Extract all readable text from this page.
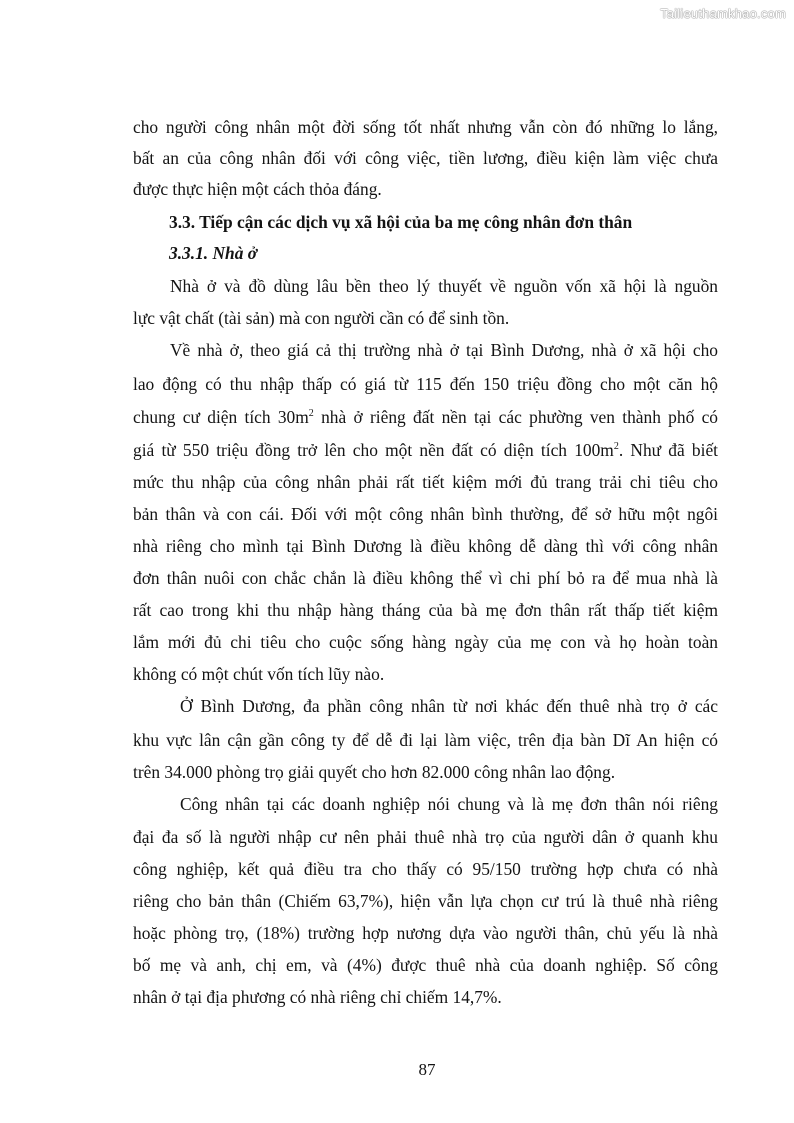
Tailieuthamkhao.com
cho người công nhân một đời sống tốt nhất nhưng vẫn còn đó những lo lắng,
bất an của công nhân đối với công việc, tiền lương, điều kiện làm việc chưa
được thực hiện một cách thỏa đáng.
3.3. Tiếp cận các dịch vụ xã hội của ba mẹ công nhân đơn thân
3.3.1. Nhà ở
Nhà ở và đồ dùng lâu bền theo lý thuyết về nguồn vốn xã hội là nguồn
lực vật chất (tài sản) mà con người cần có để sinh tồn.
Về nhà ở, theo giá cả thị trường nhà ở tại Bình Dương, nhà ở xã hội cho
lao động có thu nhập thấp có giá từ 115 đến 150 triệu đồng cho một căn hộ
chung cư diện tích $30m^2$ nhà ở riêng đất nền tại các phường ven thành phố có
giá từ 550 triệu đồng trở lên cho một nền đất có diện tích $100m^2$. Như đã biết
mức thu nhập của công nhân phải rất tiết kiệm mới đủ trang trải chi tiêu cho
bản thân và con cái. Đối với một công nhân bình thường, để sở hữu một ngôi
nhà riêng cho mình tại Bình Dương là điều không dễ dàng thì với công nhân
đơn thân nuôi con chắc chắn là điều không thể vì chi phí bỏ ra để mua nhà là
rất cao trong khi thu nhập hàng tháng của bà mẹ đơn thân rất thấp tiết kiệm
lắm mới đủ chi tiêu cho cuộc sống hàng ngày của mẹ con và họ hoàn toàn
không có một chút vốn tích lũy nào.
Ở Bình Dương, đa phần công nhân từ nơi khác đến thuê nhà trọ ở các
khu vực lân cận gần công ty để dễ đi lại làm việc, trên địa bàn Dĩ An hiện có
trên 34.000 phòng trọ giải quyết cho hơn 82.000 công nhân lao động.
Công nhân tại các doanh nghiệp nói chung và là mẹ đơn thân nói riêng
đại đa số là người nhập cư nên phải thuê nhà trọ của người dân ở quanh khu
công nghiệp, kết quả điều tra cho thấy có 95/150 trường hợp chưa có nhà
riêng cho bản thân (Chiếm 63,7%), hiện vẫn lựa chọn cư trú là thuê nhà riêng
hoặc phòng trọ, (18%) trường hợp nương dựa vào người thân, chủ yếu là nhà
bố mẹ và anh, chị em, và (4%) được thuê nhà của doanh nghiệp. Số công
nhân ở tại địa phương có nhà riêng chỉ chiếm 14,7%.
87
